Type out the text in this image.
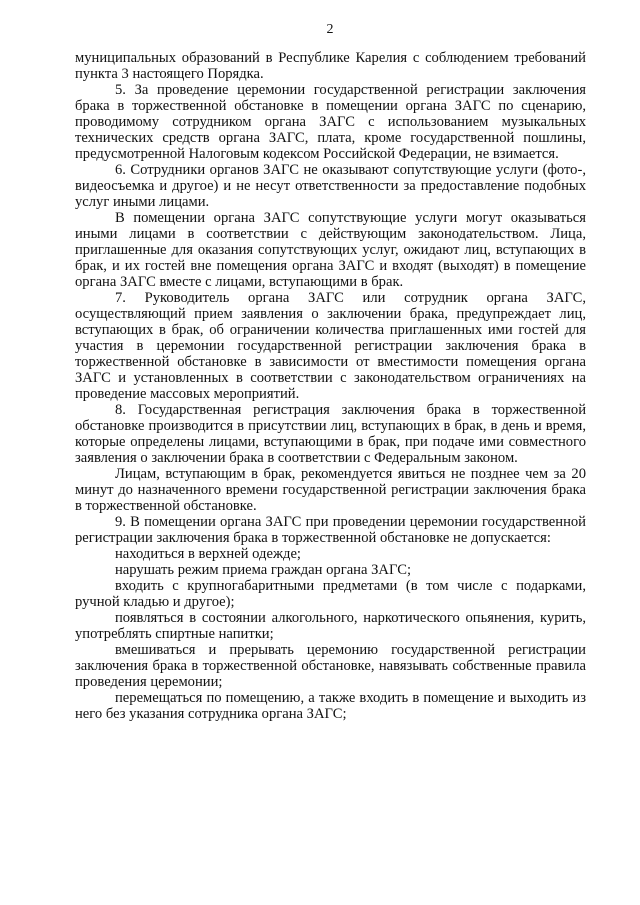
2

муниципальных образований в Республике Карелия с соблюдением требований пункта 3 настоящего Порядка.

5. За проведение церемонии государственной регистрации заключения брака в торжественной обстановке в помещении органа ЗАГС по сценарию, проводимому сотрудником органа ЗАГС с использованием музыкальных технических средств органа ЗАГС, плата, кроме государственной пошлины, предусмотренной Налоговым кодексом Российской Федерации, не взимается.

6. Сотрудники органов ЗАГС не оказывают сопутствующие услуги (фото-, видеосъемка и другое) и не несут ответственности за предоставление подобных услуг иными лицами.

В помещении органа ЗАГС сопутствующие услуги могут оказываться иными лицами в соответствии с действующим законодательством. Лица, приглашенные для оказания сопутствующих услуг, ожидают лиц, вступающих в брак, и их гостей вне помещения органа ЗАГС и входят (выходят) в помещение органа ЗАГС вместе с лицами, вступающими в брак.

7. Руководитель органа ЗАГС или сотрудник органа ЗАГС, осуществляющий прием заявления о заключении брака, предупреждает лиц, вступающих в брак, об ограничении количества приглашенных ими гостей для участия в церемонии государственной регистрации заключения брака в торжественной обстановке в зависимости от вместимости помещения органа ЗАГС и установленных в соответствии с законодательством ограничениях на проведение массовых мероприятий.

8. Государственная регистрация заключения брака в торжественной обстановке производится в присутствии лиц, вступающих в брак, в день и время, которые определены лицами, вступающими в брак, при подаче ими совместного заявления о заключении брака в соответствии с Федеральным законом.

Лицам, вступающим в брак, рекомендуется явиться не позднее чем за 20 минут до назначенного времени государственной регистрации заключения брака в торжественной обстановке.

9. В помещении органа ЗАГС при проведении церемонии государственной регистрации заключения брака в торжественной обстановке не допускается:

находиться в верхней одежде;

нарушать режим приема граждан органа ЗАГС;

входить с крупногабаритными предметами (в том числе с подарками, ручной кладью и другое);

появляться в состоянии алкогольного, наркотического опьянения, курить, употреблять спиртные напитки;

вмешиваться и прерывать церемонию государственной регистрации заключения брака в торжественной обстановке, навязывать собственные правила проведения церемонии;

перемещаться по помещению, а также входить в помещение и выходить из него без указания сотрудника органа ЗАГС;
